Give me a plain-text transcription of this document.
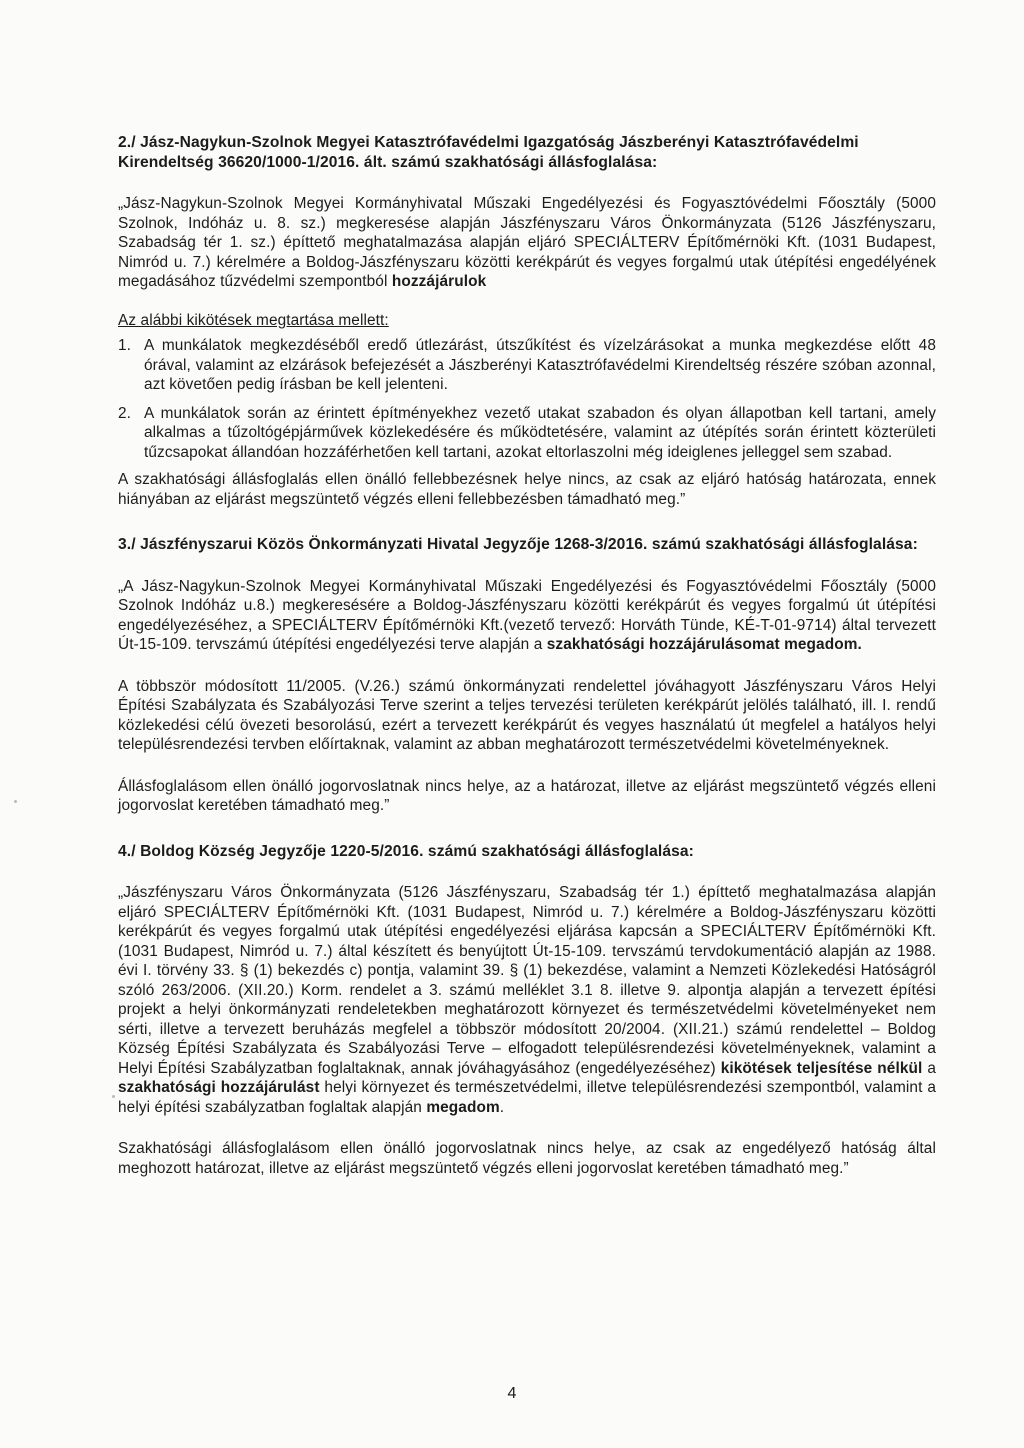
2./ Jász-Nagykun-Szolnok Megyei Katasztrófavédelmi Igazgatóság Jászberényi Katasztrófavédelmi Kirendeltség 36620/1000-1/2016. ált. számú szakhatósági állásfoglalása:

„Jász-Nagykun-Szolnok Megyei Kormányhivatal Műszaki Engedélyezési és Fogyasztóvédelmi Főosztály (5000 Szolnok, Indóház u. 8. sz.) megkeresése alapján Jászfényszaru Város Önkormányzata (5126 Jászfényszaru, Szabadság tér 1. sz.) építtető meghatalmazása alapján eljáró SPECIÁLTERV Építőmérnöki Kft. (1031 Budapest, Nimród u. 7.) kérelmére a Boldog-Jászfényszaru közötti kerékpárút és vegyes forgalmú utak útépítési engedélyének megadásához tűzvédelmi szempontból hozzájárulok

Az alábbi kikötések megtartása mellett:

1. A munkálatok megkezdéséből eredő útlezárást, útszűkítést és vízelzárásokat a munka megkezdése előtt 48 órával, valamint az elzárások befejezését a Jászberényi Katasztrófavédelmi Kirendeltség részére szóban azonnal, azt követően pedig írásban be kell jelenteni.
2. A munkálatok során az érintett építményekhez vezető utakat szabadon és olyan állapotban kell tartani, amely alkalmas a tűzoltógépjárművek közlekedésére és működtetésére, valamint az útépítés során érintett közterületi tűzcsapokat állandóan hozzáférhetően kell tartani, azokat eltorlaszolni még ideiglenes jelleggel sem szabad.

A szakhatósági állásfoglalás ellen önálló fellebbezésnek helye nincs, az csak az eljáró hatóság határozata, ennek hiányában az eljárást megszüntető végzés elleni fellebbezésben támadható meg.”

3./ Jászfényszarui Közös Önkormányzati Hivatal Jegyzője 1268-3/2016. számú szakhatósági állásfoglalása:

„A Jász-Nagykun-Szolnok Megyei Kormányhivatal Műszaki Engedélyezési és Fogyasztóvédelmi Főosztály (5000 Szolnok Indóház u.8.) megkeresésére a Boldog-Jászfényszaru közötti kerékpárút és vegyes forgalmú út útépítési engedélyezéséhez, a SPECIÁLTERV Építőmérnöki Kft.(vezető tervező: Horváth Tünde, KÉ-T-01-9714) által tervezett Út-15-109. tervszámú útépítési engedélyezési terve alapján a szakhatósági hozzájárulásomat megadom.

A többször módosított 11/2005. (V.26.) számú önkormányzati rendelettel jóváhagyott Jászfényszaru Város Helyi Építési Szabályzata és Szabályozási Terve szerint a teljes tervezési területen kerékpárút jelölés található, ill. I. rendű közlekedési célú övezeti besorolású, ezért a tervezett kerékpárút és vegyes használatú út megfelel a hatályos helyi településrendezési tervben előírtaknak, valamint az abban meghatározott természetvédelmi követelményeknek.

Állásfoglalásom ellen önálló jogorvoslatnak nincs helye, az a határozat, illetve az eljárást megszüntető végzés elleni jogorvoslat keretében támadható meg.”

4./ Boldog Község Jegyzője 1220-5/2016. számú szakhatósági állásfoglalása:

„Jászfényszaru Város Önkormányzata (5126 Jászfényszaru, Szabadság tér 1.) építtető meghatalmazása alapján eljáró SPECIÁLTERV Építőmérnöki Kft. (1031 Budapest, Nimród u. 7.) kérelmére a Boldog-Jászfényszaru közötti kerékpárút és vegyes forgalmú utak útépítési engedélyezési eljárása kapcsán a SPECIÁLTERV Építőmérnöki Kft. (1031 Budapest, Nimród u. 7.) által készített és benyújtott Út-15-109. tervszámú tervdokumentáció alapján az 1988. évi I. törvény 33. § (1) bekezdés c) pontja, valamint 39. § (1) bekezdése, valamint a Nemzeti Közlekedési Hatóságról szóló 263/2006. (XII.20.) Korm. rendelet a 3. számú melléklet 3.1 8. illetve 9. alpontja alapján a tervezett építési projekt a helyi önkormányzati rendeletekben meghatározott környezet és természetvédelmi követelményeket nem sérti, illetve a tervezett beruházás megfelel a többször módosított 20/2004. (XII.21.) számú rendelettel – Boldog Község Építési Szabályzata és Szabályozási Terve – elfogadott településrendezési követelményeknek, valamint a Helyi Építési Szabályzatban foglaltaknak, annak jóváhagyásához (engedélyezéséhez) kikötések teljesítése nélkül a szakhatósági hozzájárulást helyi környezet és természetvédelmi, illetve településrendezési szempontból, valamint a helyi építési szabályzatban foglaltak alapján megadom.

Szakhatósági állásfoglalásom ellen önálló jogorvoslatnak nincs helye, az csak az engedélyező hatóság által meghozott határozat, illetve az eljárást megszüntető végzés elleni jogorvoslat keretében támadható meg.”

4
